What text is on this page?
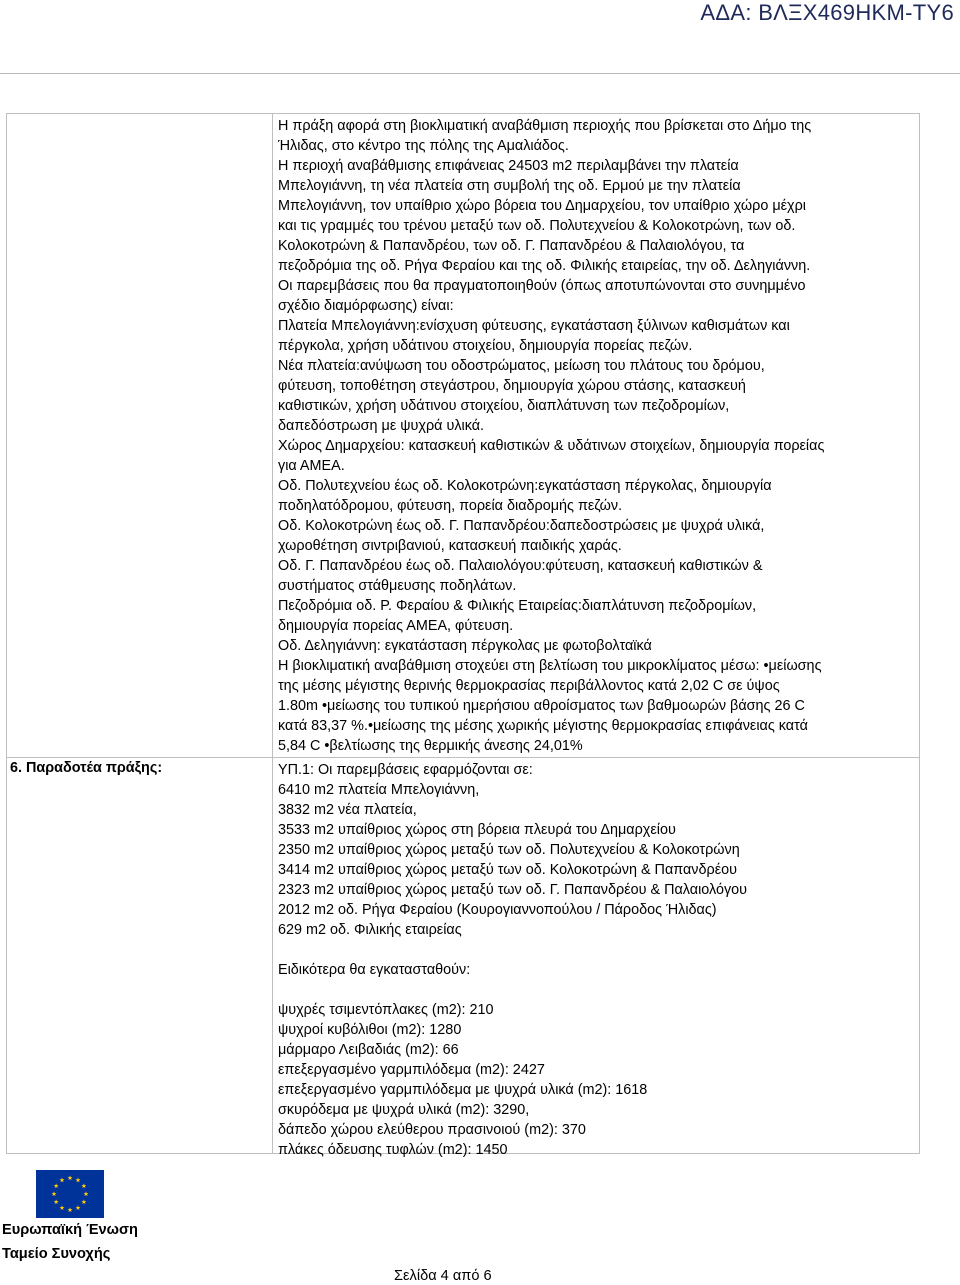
ΑΔΑ: ΒΛΞΧ469ΗΚΜ-ΤΥ6
Η πράξη αφορά στη βιοκλιματική αναβάθμιση περιοχής που βρίσκεται στο Δήμο της
Ήλιδας, στο κέντρο της πόλης της Αμαλιάδος.
Η περιοχή αναβάθμισης επιφάνειας 24503 m2 περιλαμβάνει την πλατεία
Μπελογιάννη, τη νέα πλατεία στη συμβολή της οδ. Ερμού με την πλατεία
Μπελογιάννη, τον υπαίθριο χώρο βόρεια του Δημαρχείου, τον υπαίθριο χώρο μέχρι
και τις γραμμές του τρένου μεταξύ των οδ. Πολυτεχνείου & Κολοκοτρώνη, των οδ.
Κολοκοτρώνη & Παπανδρέου, των οδ. Γ. Παπανδρέου & Παλαιολόγου, τα
πεζοδρόμια της οδ. Ρήγα Φεραίου και της οδ. Φιλικής εταιρείας, την οδ. Δεληγιάννη.
Οι παρεμβάσεις που θα πραγματοποιηθούν (όπως αποτυπώνονται στο συνημμένο
σχέδιο διαμόρφωσης) είναι:
Πλατεία Μπελογιάννη:ενίσχυση φύτευσης, εγκατάσταση ξύλινων καθισμάτων και
πέργκολα, χρήση υδάτινου στοιχείου, δημιουργία πορείας πεζών.
Νέα πλατεία:ανύψωση του οδοστρώματος, μείωση του πλάτους του δρόμου,
φύτευση, τοποθέτηση στεγάστρου, δημιουργία χώρου στάσης, κατασκευή
καθιστικών, χρήση υδάτινου στοιχείου, διαπλάτυνση των πεζοδρομίων,
δαπεδόστρωση με ψυχρά υλικά.
Χώρος Δημαρχείου: κατασκευή καθιστικών & υδάτινων στοιχείων, δημιουργία πορείας
για ΑΜΕΑ.
Οδ. Πολυτεχνείου έως οδ. Κολοκοτρώνη:εγκατάσταση πέργκολας, δημιουργία
ποδηλατόδρομου, φύτευση, πορεία διαδρομής πεζών.
Οδ. Κολοκοτρώνη έως οδ. Γ. Παπανδρέου:δαπεδοστρώσεις με ψυχρά υλικά,
χωροθέτηση σιντριβανιού, κατασκευή παιδικής χαράς.
Οδ. Γ. Παπανδρέου έως οδ. Παλαιολόγου:φύτευση, κατασκευή καθιστικών &
συστήματος στάθμευσης ποδηλάτων.
Πεζοδρόμια οδ. Ρ. Φεραίου & Φιλικής Εταιρείας:διαπλάτυνση πεζοδρομίων,
δημιουργία πορείας ΑΜΕΑ, φύτευση.
Οδ. Δεληγιάννη: εγκατάσταση πέργκολας με φωτοβολταϊκά
Η βιοκλιματική αναβάθμιση στοχεύει στη βελτίωση του μικροκλίματος μέσω: •μείωσης
της μέσης μέγιστης θερινής θερμοκρασίας περιβάλλοντος κατά 2,02 C σε ύψος
1.80m •μείωσης του τυπικού ημερήσιου αθροίσματος των βαθμοωρών βάσης 26 C
κατά 83,37 %.•μείωσης της μέσης χωρικής μέγιστης θερμοκρασίας επιφάνειας κατά
5,84 C •βελτίωσης της θερμικής άνεσης 24,01%
6. Παραδοτέα πράξης:	ΥΠ.1: Οι παρεμβάσεις εφαρμόζονται σε:
6410 m2 πλατεία Μπελογιάννη,
3832 m2 νέα πλατεία,
3533 m2 υπαίθριος χώρος στη βόρεια πλευρά του Δημαρχείου
2350 m2 υπαίθριος χώρος μεταξύ των οδ. Πολυτεχνείου & Κολοκοτρώνη
3414 m2 υπαίθριος χώρος μεταξύ των οδ. Κολοκοτρώνη & Παπανδρέου
2323 m2 υπαίθριος χώρος μεταξύ των οδ. Γ. Παπανδρέου & Παλαιολόγου
2012 m2 οδ. Ρήγα Φεραίου (Κουρογιαννοπούλου / Πάροδος Ήλιδας)
629 m2 οδ. Φιλικής εταιρείας
Ειδικότερα θα εγκατασταθούν:
ψυχρές τσιμεντόπλακες (m2): 210
ψυχροί κυβόλιθοι (m2): 1280
μάρμαρο Λειβαδιάς (m2): 66
επεξεργασμένο γαρμπιλόδεμα (m2): 2427
επεξεργασμένο γαρμπιλόδεμα με ψυχρά υλικά (m2): 1618
σκυρόδεμα με ψυχρά υλικά (m2): 3290,
δάπεδο χώρου ελεύθερου πρασινοιού (m2): 370
πλάκες όδευσης τυφλών (m2): 1450
Ευρωπαϊκή Ένωση
Ταμείο Συνοχής
Σελίδα 4 από 6
